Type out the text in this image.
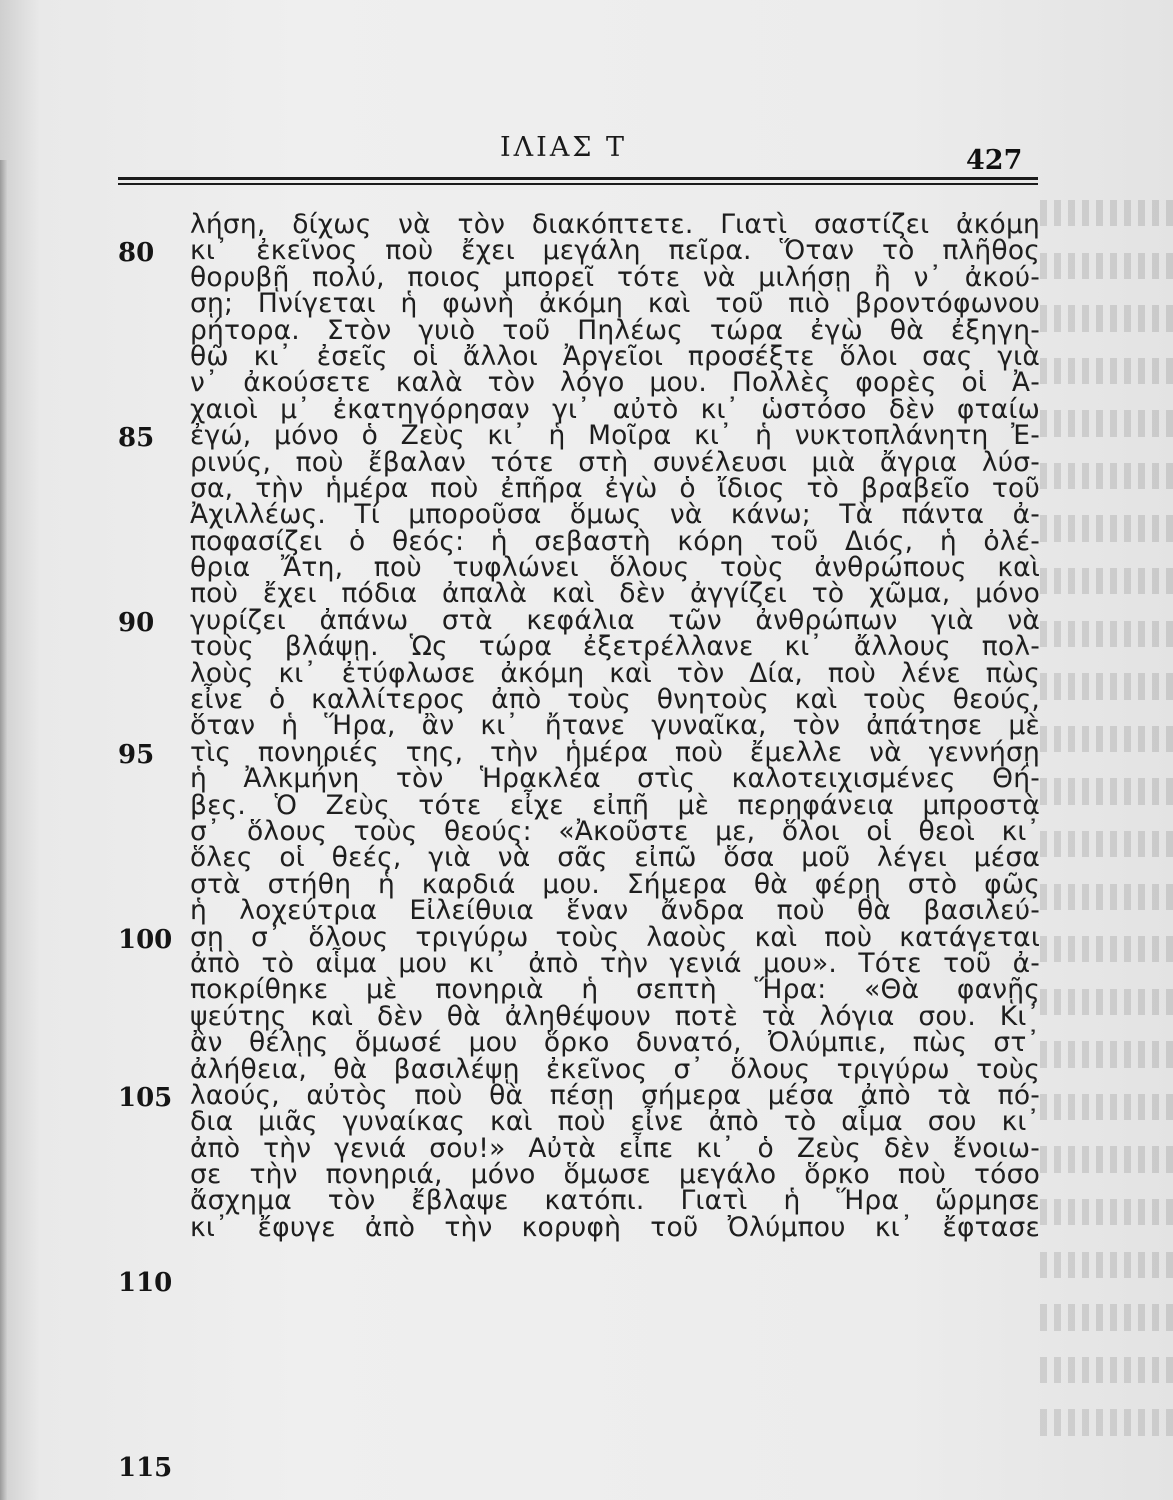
ΙΛΙΑΣ Τ	427
80
85
90
95
100
105
110
115
λήση, δίχως νὰ τὸν διακόπτετε. Γιατὶ σαστίζει ἀκόμη
κι᾿ ἐκεῖνος ποὺ ἔχει μεγάλη πεῖρα. Ὅταν τὸ πλῆθος
θορυβῇ πολύ, ποιος μπορεῖ τότε νὰ μιλήσῃ ἢ ν᾿ ἀκού-
σῃ; Πνίγεται ἡ φωνὴ ἀκόμη καὶ τοῦ πιὸ βροντόφωνου
ρήτορα. Στὸν γυιὸ τοῦ Πηλέως τώρα ἐγὼ θὰ ἐξηγη-
θῶ κι᾿ ἐσεῖς οἱ ἄλλοι Ἀργεῖοι προσέξτε ὅλοι σας γιὰ
ν᾿ ἀκούσετε καλὰ τὸν λόγο μου. Πολλὲς φορὲς οἱ Ἀ-
χαιοὶ μ᾿ ἐκατηγόρησαν γι᾿ αὐτὸ κι᾿ ὡστόσο δὲν φταίω
ἐγώ, μόνο ὁ Ζεὺς κι᾿ ἡ Μοῖρα κι᾿ ἡ νυκτοπλάνητη Ἐ-
ρινύς, ποὺ ἔβαλαν τότε στὴ συνέλευσι μιὰ ἄγρια λύσ-
σα, τὴν ἡμέρα ποὺ ἐπῆρα ἐγὼ ὁ ἴδιος τὸ βραβεῖο τοῦ
Ἀχιλλέως. Τί μποροῦσα ὅμως νὰ κάνω; Τὰ πάντα ἀ-
ποφασίζει ὁ θεός: ἡ σεβαστὴ κόρη τοῦ Διός, ἡ ὀλέ-
θρια Ἄτη, ποὺ τυφλώνει ὅλους τοὺς ἀνθρώπους καὶ
ποὺ ἔχει πόδια ἀπαλὰ καὶ δὲν ἀγγίζει τὸ χῶμα, μόνο
γυρίζει ἀπάνω στὰ κεφάλια τῶν ἀνθρώπων γιὰ νὰ
τοὺς βλάψῃ. Ὡς τώρα ἐξετρέλλανε κι᾿ ἄλλους πολ-
λοὺς κι᾿ ἐτύφλωσε ἀκόμη καὶ τὸν Δία, ποὺ λένε πὼς
εἶνε ὁ καλλίτερος ἀπὸ τοὺς θνητοὺς καὶ τοὺς θεούς,
ὅταν ἡ Ἥρα, ἂν κι᾿ ἤτανε γυναῖκα, τὸν ἀπάτησε μὲ
τὶς πονηριές της, τὴν ἡμέρα ποὺ ἔμελλε νὰ γεννήσῃ
ἡ Ἀλκμήνη τὸν Ἡρακλέα στὶς καλοτειχισμένες Θή-
βες. Ὁ Ζεὺς τότε εἶχε εἰπῆ μὲ περηφάνεια μπροστὰ
σ᾿ ὅλους τοὺς θεούς: «Ἀκοῦστε με, ὅλοι οἱ θεοὶ κι᾿
ὅλες οἱ θεές, γιὰ νὰ σᾶς εἰπῶ ὅσα μοῦ λέγει μέσα
στὰ στήθη ἡ καρδιά μου. Σήμερα θὰ φέρῃ στὸ φῶς
ἡ λοχεύτρια Εἰλείθυια ἕναν ἄνδρα ποὺ θὰ βασιλεύ-
σῃ σ᾿ ὅλους τριγύρω τοὺς λαοὺς καὶ ποὺ κατάγεται
ἀπὸ τὸ αἷμα μου κι᾿ ἀπὸ τὴν γενιά μου». Τότε τοῦ ἀ-
ποκρίθηκε μὲ πονηριὰ ἡ σεπτὴ Ἥρα: «Θὰ φανῇς
ψεύτης καὶ δὲν θὰ ἀληθέψουν ποτὲ τὰ λόγια σου. Κι᾿
ἂν θέλῃς ὅμωσέ μου ὅρκο δυνατό, Ὀλύμπιε, πὼς στ᾿
ἀλήθεια, θὰ βασιλέψῃ ἐκεῖνος σ᾿ ὅλους τριγύρω τοὺς
λαούς, αὐτὸς ποὺ θὰ πέσῃ σήμερα μέσα ἀπὸ τὰ πό-
δια μιᾶς γυναίκας καὶ ποὺ εἶνε ἀπὸ τὸ αἷμα σου κι᾿
ἀπὸ τὴν γενιά σου!» Αὐτὰ εἶπε κι᾿ ὁ Ζεὺς δὲν ἔνοιω-
σε τὴν πονηριά, μόνο ὅμωσε μεγάλο ὅρκο ποὺ τόσο
ἄσχημα τὸν ἔβλαψε κατόπι. Γιατὶ ἡ Ἥρα ὥρμησε
κι᾿ ἔφυγε ἀπὸ τὴν κορυφὴ τοῦ Ὀλύμπου κι᾿ ἔφτασε
